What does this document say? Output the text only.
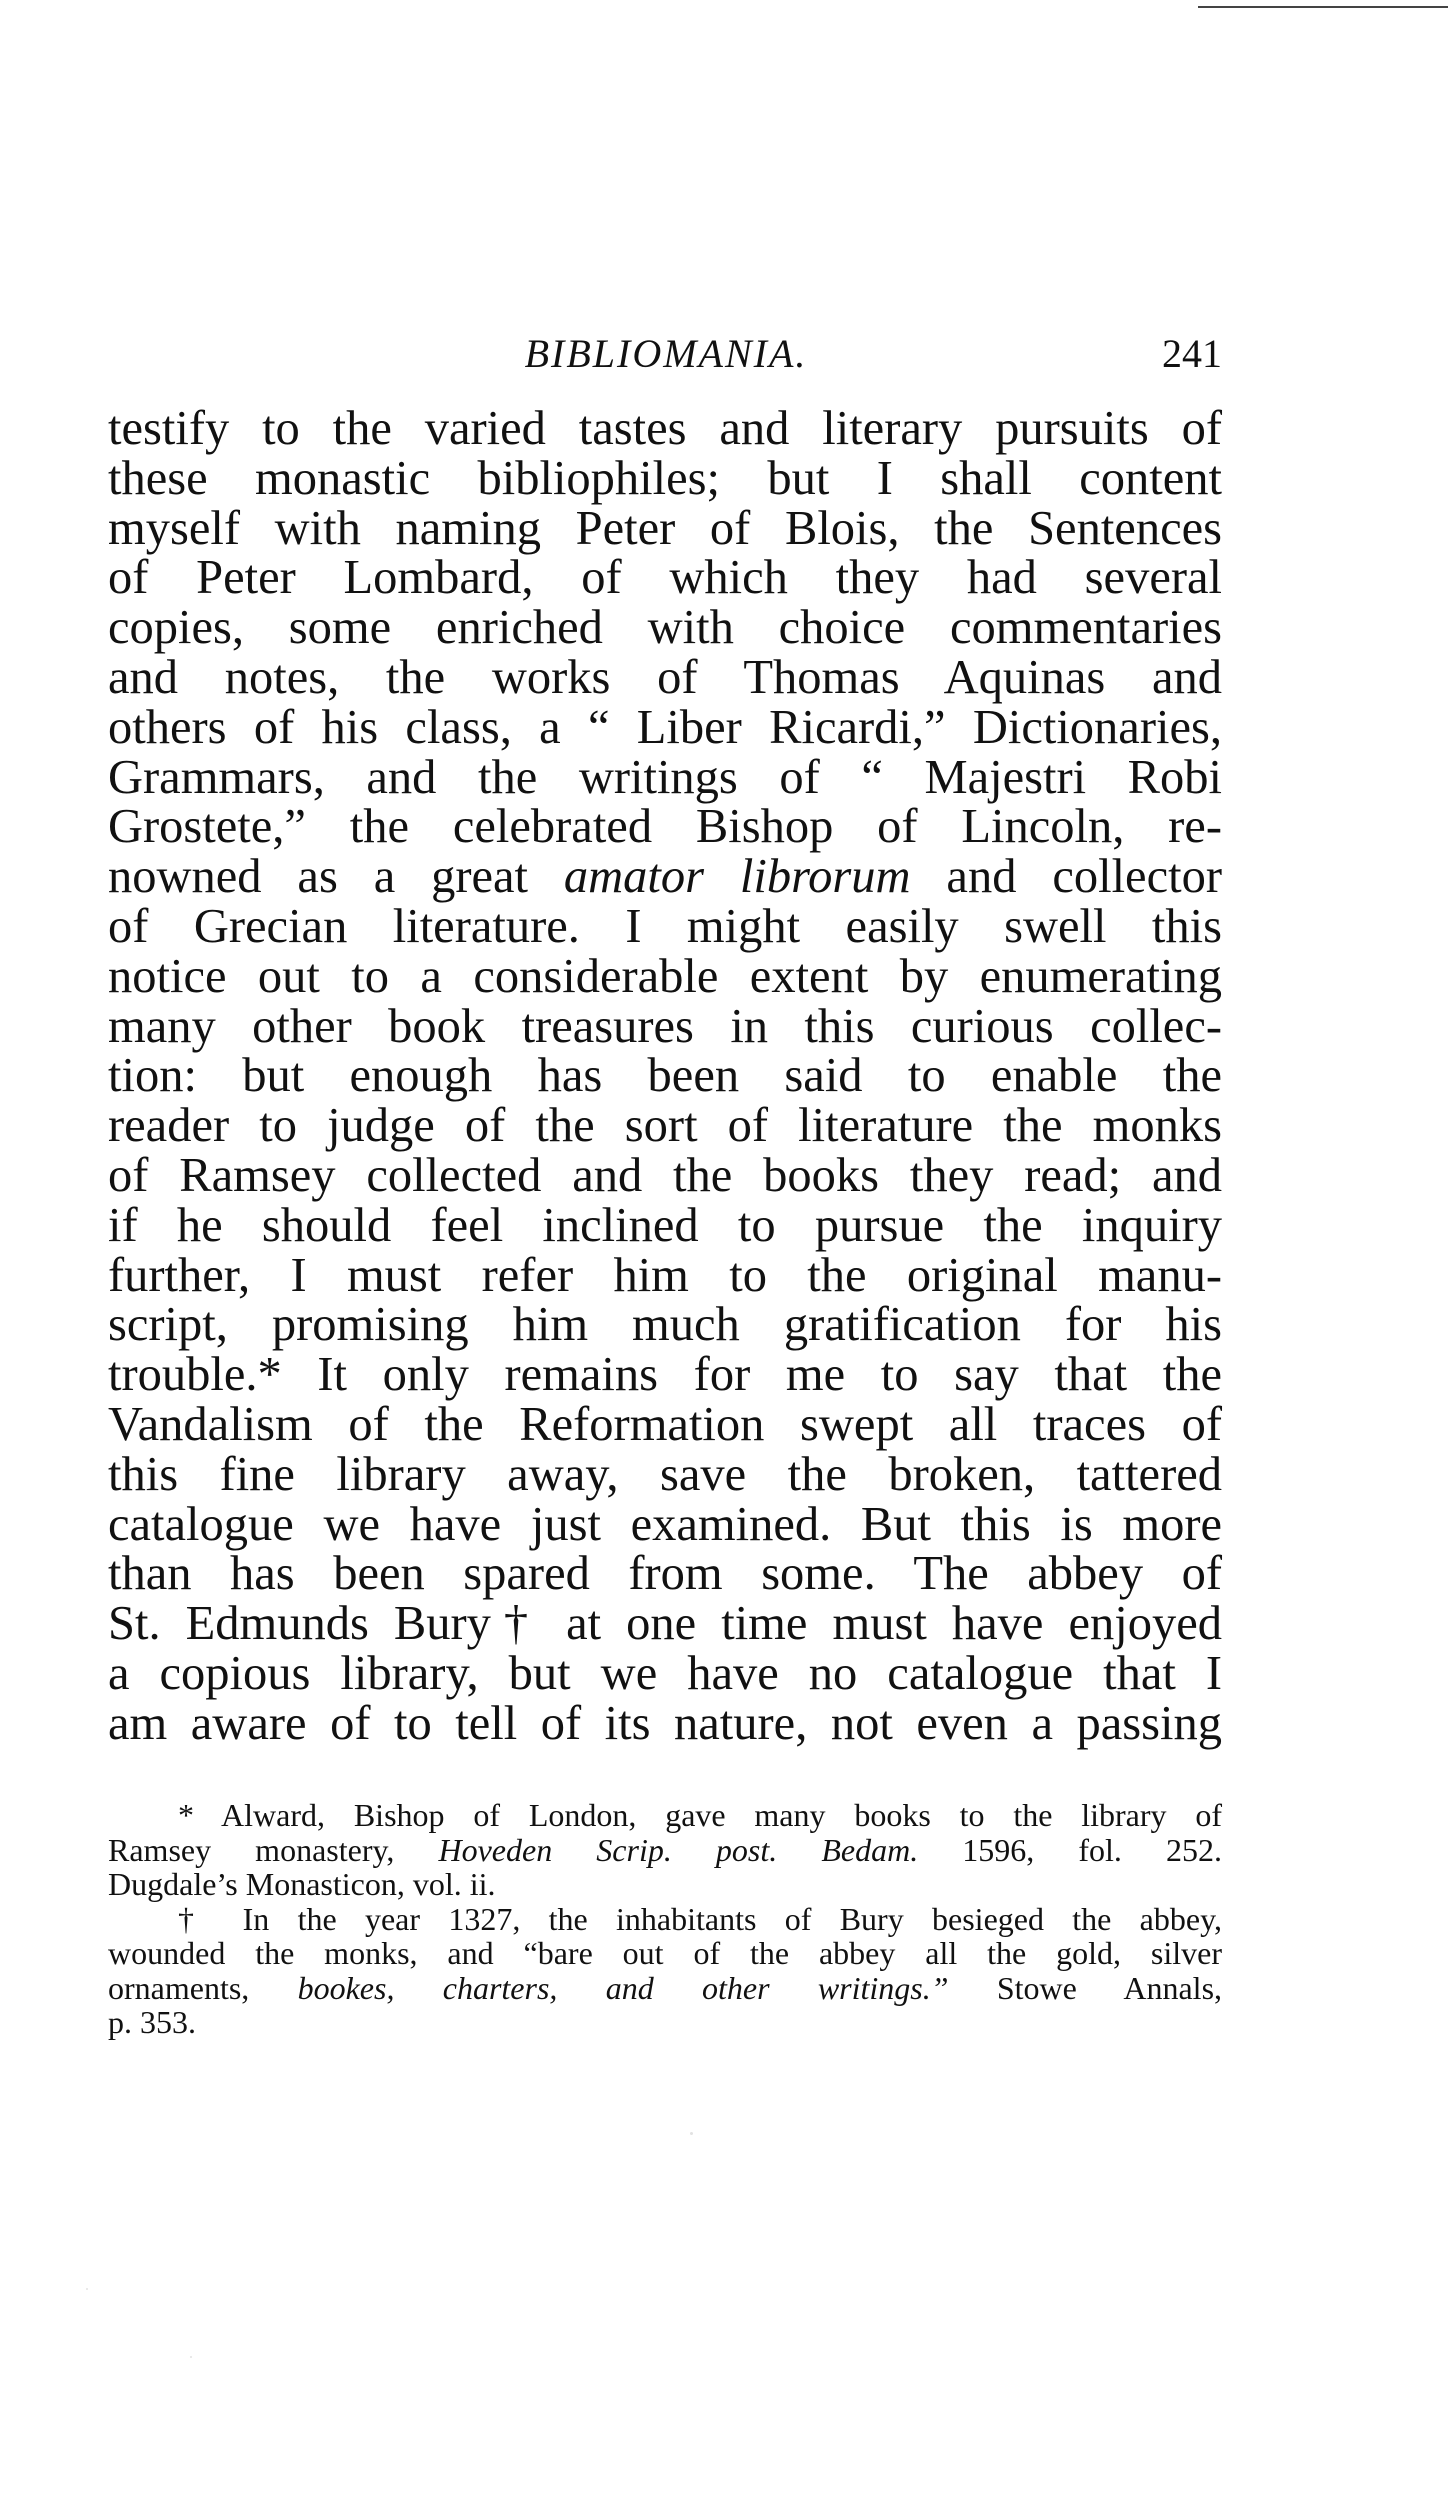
BIBLIOMANIA.	241
testify to the varied tastes and literary pursuits of
these monastic bibliophiles; but I shall content
myself with naming Peter of Blois, the Sentences
of Peter Lombard, of which they had several
copies, some enriched with choice commentaries
and notes, the works of Thomas Aquinas and
others of his class, a “ Liber Ricardi,” Dictionaries,
Grammars, and the writings of “ Majestri Robi
Grostete,” the celebrated Bishop of Lincoln, re-
nowned as a great amator librorum and collector
of Grecian literature. I might easily swell this
notice out to a considerable extent by enumerating
many other book treasures in this curious collec-
tion: but enough has been said to enable the
reader to judge of the sort of literature the monks
of Ramsey collected and the books they read; and
if he should feel inclined to pursue the inquiry
further, I must refer him to the original manu-
script, promising him much gratification for his
trouble.* It only remains for me to say that the
Vandalism of the Reformation swept all traces of
this fine library away, save the broken, tattered
catalogue we have just examined. But this is more
than has been spared from some. The abbey of
St. Edmunds Bury† at one time must have enjoyed
a copious library, but we have no catalogue that I
am aware of to tell of its nature, not even a passing
* Alward, Bishop of London, gave many books to the library of
Ramsey monastery, Hoveden Scrip. post. Bedam. 1596, fol. 252.
Dugdale’s Monasticon, vol. ii.
† In the year 1327, the inhabitants of Bury besieged the abbey,
wounded the monks, and “bare out of the abbey all the gold, silver
ornaments, bookes, charters, and other writings.” Stowe Annals,
p. 353.
